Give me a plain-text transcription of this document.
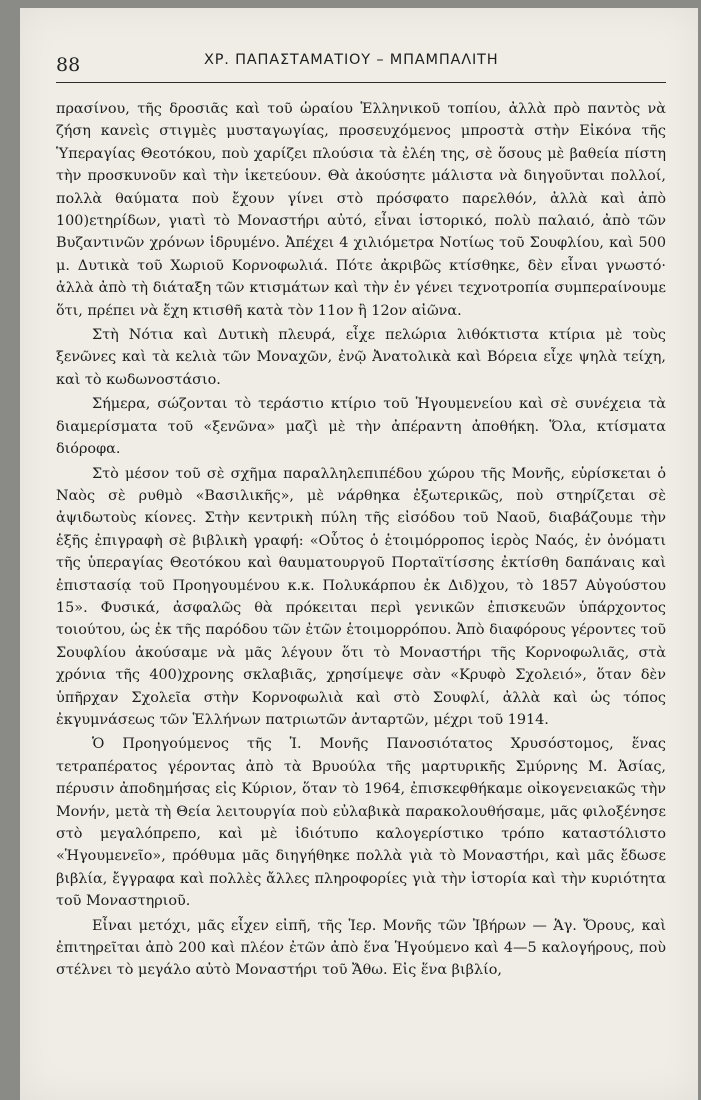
88	ΧΡ. ΠΑΠΑΣΤΑΜΑΤΙΟΥ – ΜΠΑΜΠΑΛΙΤΗ

πρασίνου, τῆς δροσιᾶς καὶ τοῦ ὡραίου Ἑλληνικοῦ τοπίου, ἀλλὰ πρὸ παντὸς νὰ ζήση κανεὶς στιγμὲς μυσταγωγίας, προσευχόμενος μπροστὰ στὴν Εἰκόνα τῆς Ὑπεραγίας Θεοτόκου, ποὺ χαρίζει πλούσια τὰ ἐλέη της, σὲ ὅσους μὲ βαθεία πίστη τὴν προσκυνοῦν καὶ τὴν ἱκετεύουν. Θὰ ἀκούσητε μάλιστα νὰ διηγοῦνται πολλοί, πολλὰ θαύματα ποὺ ἔχουν γίνει στὸ πρόσφατο παρελθόν, ἀλλὰ καὶ ἀπὸ 100)ετηρίδων, γιατὶ τὸ Μοναστήρι αὐτό, εἶναι ἱστορικό, πολὺ παλαιό, ἀπὸ τῶν Βυζαντινῶν χρόνων ἱδρυμένο. Ἀπέχει 4 χιλιόμετρα Νοτίως τοῦ Σουφλίου, καὶ 500 μ. Δυτικὰ τοῦ Χωριοῦ Κορνοφωλιά. Πότε ἀκριβῶς κτίσθηκε, δὲν εἶναι γνωστό· ἀλλὰ ἀπὸ τὴ διάταξη τῶν κτισμάτων καὶ τὴν ἐν γένει τεχνοτροπία συμπεραίνουμε ὅτι, πρέπει νὰ ἔχη κτισθῆ κατὰ τὸν 11ον ἢ 12ον αἰῶνα.

Στὴ Νότια καὶ Δυτικὴ πλευρά, εἶχε πελώρια λιθόκτιστα κτίρια μὲ τοὺς ξενῶνες καὶ τὰ κελιὰ τῶν Μοναχῶν, ἐνῷ Ἀνατολικὰ καὶ Βόρεια εἶχε ψηλὰ τείχη, καὶ τὸ κωδωνοστάσιο.

Σήμερα, σώζονται τὸ τεράστιο κτίριο τοῦ Ἡγουμενείου καὶ σὲ συνέχεια τὰ διαμερίσματα τοῦ «ξενῶνα» μαζὶ μὲ τὴν ἀπέραντη ἀποθήκη. Ὅλα, κτίσματα διόροφα.

Στὸ μέσον τοῦ σὲ σχῆμα παραλληλεπιπέδου χώρου τῆς Μονῆς, εὑρίσκεται ὁ Ναὸς σὲ ρυθμὸ «Βασιλικῆς», μὲ νάρθηκα ἐξωτερικῶς, ποὺ στηρίζεται σὲ ἀψιδωτοὺς κίονες. Στὴν κεντρικὴ πύλη τῆς εἰσόδου τοῦ Ναοῦ, διαβάζουμε τὴν ἑξῆς ἐπιγραφὴ σὲ βιβλικὴ γραφή: «Οὗτος ὁ ἑτοιμόρροπος ἱερὸς Ναός, ἐν ὀνόματι τῆς ὑπεραγίας Θεοτόκου καὶ θαυματουργοῦ Πορταϊτίσσης ἐκτίσθη δαπάναις καὶ ἐπιστασίᾳ τοῦ Προηγουμένου κ.κ. Πολυκάρπου ἐκ Διδ)χου, τὸ 1857 Αὐγούστου 15». Φυσικά, ἀσφαλῶς θὰ πρόκειται περὶ γενικῶν ἐπισκευῶν ὑπάρχοντος τοιούτου, ὡς ἐκ τῆς παρόδου τῶν ἐτῶν ἑτοιμορρόπου. Ἀπὸ διαφόρους γέροντες τοῦ Σουφλίου ἀκούσαμε νὰ μᾶς λέγουν ὅτι τὸ Μοναστήρι τῆς Κορνοφωλιᾶς, στὰ χρόνια τῆς 400)χρονης σκλαβιᾶς, χρησίμεψε σὰν «Κρυφὸ Σχολειό», ὅταν δὲν ὑπῆρχαν Σχολεῖα στὴν Κορνοφωλιὰ καὶ στὸ Σουφλί, ἀλλὰ καὶ ὡς τόπος ἐκγυμνάσεως τῶν Ἑλλήνων πατριωτῶν ἀνταρτῶν, μέχρι τοῦ 1914.

Ὁ Προηγούμενος τῆς Ἱ. Μονῆς Πανοσιότατος Χρυσόστομος, ἕνας τετραπέρατος γέροντας ἀπὸ τὰ Βρυούλα τῆς μαρτυρικῆς Σμύρνης Μ. Ἀσίας, πέρυσιν ἀποδημήσας εἰς Κύριον, ὅταν τὸ 1964, ἐπισκεφθήκαμε οἰκογενειακῶς τὴν Μονήν, μετὰ τὴ Θεία λειτουργία ποὺ εὐλαβικὰ παρακολουθήσαμε, μᾶς φιλοξένησε στὸ μεγαλόπρεπο, καὶ μὲ ἰδιότυπο καλογερίστικο τρόπο καταστόλιστο «Ἡγουμενεῖο», πρόθυμα μᾶς διηγήθηκε πολλὰ γιὰ τὸ Μοναστήρι, καὶ μᾶς ἔδωσε βιβλία, ἔγγραφα καὶ πολλὲς ἄλλες πληροφορίες γιὰ τὴν ἱστορία καὶ τὴν κυριότητα τοῦ Μοναστηριοῦ.

Εἶναι μετόχι, μᾶς εἶχεν εἰπῆ, τῆς Ἱερ. Μονῆς τῶν Ἰβήρων — Ἁγ. Ὄρους, καὶ ἐπιτηρεῖται ἀπὸ 200 καὶ πλέον ἐτῶν ἀπὸ ἕνα Ἡγούμενο καὶ 4—5 καλογήρους, ποὺ στέλνει τὸ μεγάλο αὐτὸ Μοναστήρι τοῦ Ἄθω. Εἰς ἕνα βιβλίο,
